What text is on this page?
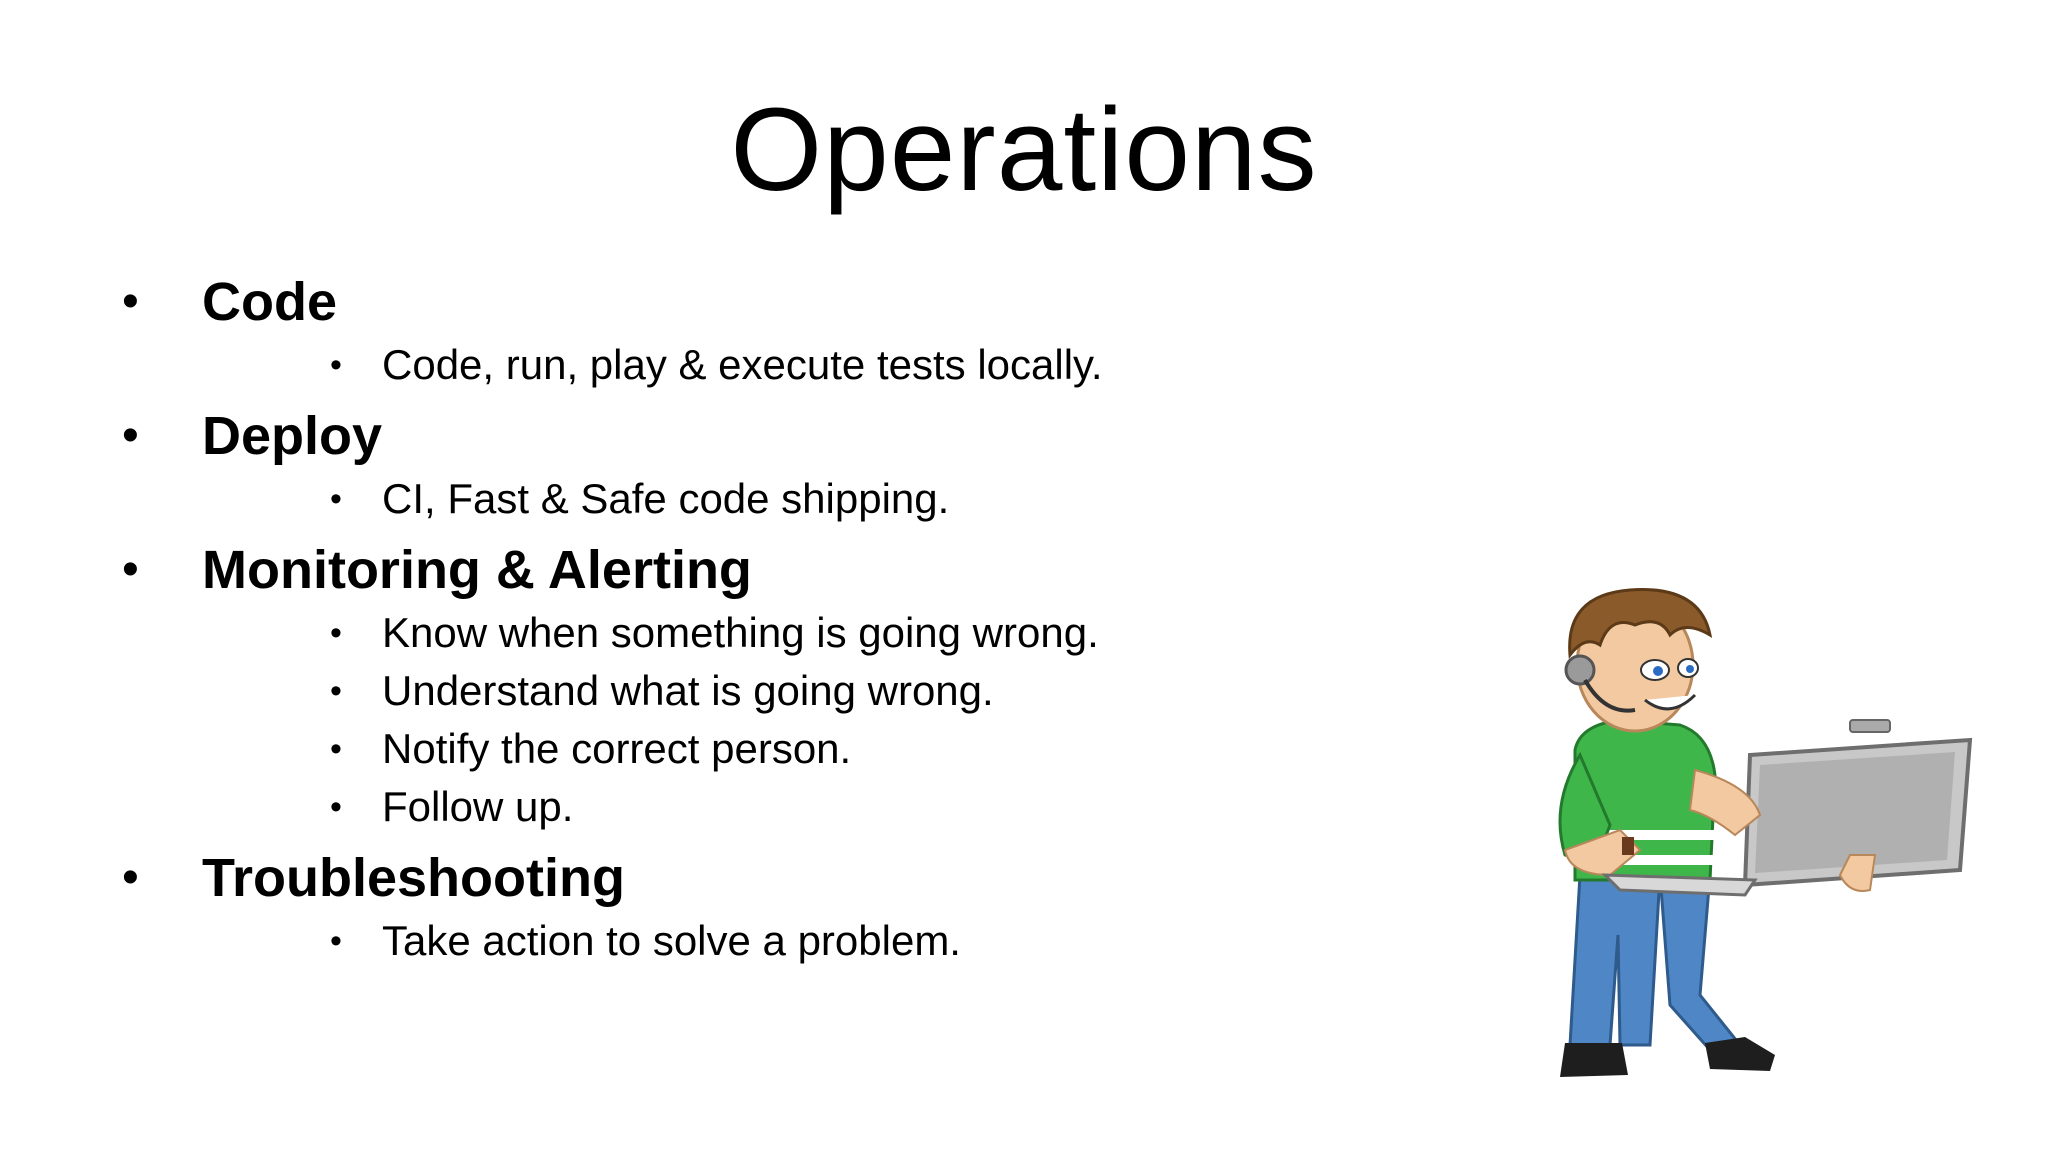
Operations
• Code
• Code, run, play & execute tests locally.
• Deploy
• CI, Fast & Safe code shipping.
• Monitoring & Alerting
• Know when something is going wrong.
• Understand what is going wrong.
• Notify the correct person.
• Follow up.
• Troubleshooting
• Take action to solve a problem.
